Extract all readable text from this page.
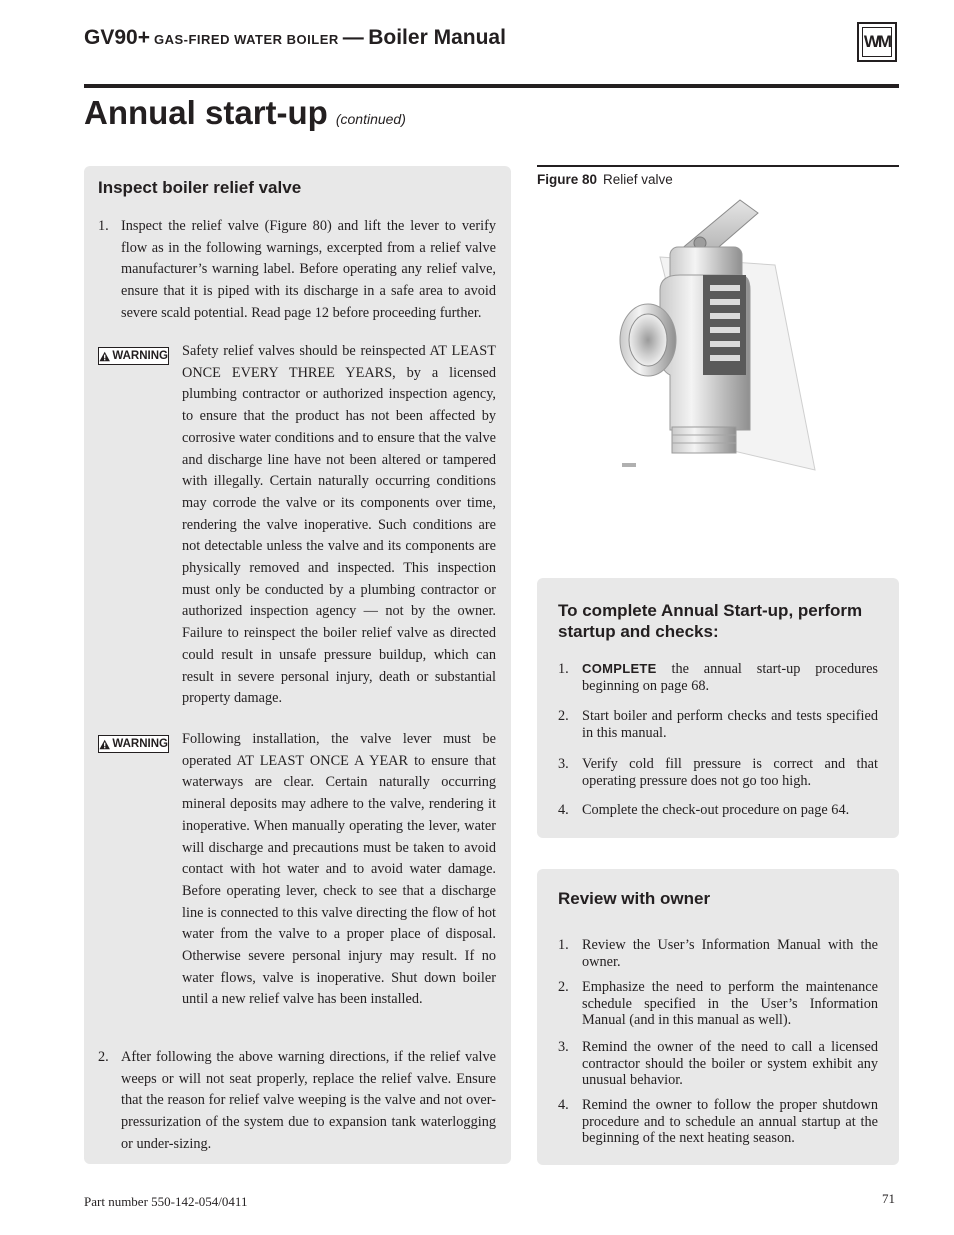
GV90+ GAS-FIRED WATER BOILER — Boiler Manual	WM
Annual start-up (continued)
Inspect boiler relief valve
1. Inspect the relief valve (Figure 80) and lift the lever to verify flow as in the following warnings, excerpted from a relief valve manufacturer’s warning label. Before operating any relief valve, ensure that it is piped with its discharge in a safe area to avoid severe scald potential. Read page 12 before proceeding further.
WARNING Safety relief valves should be reinspected AT LEAST ONCE EVERY THREE YEARS, by a licensed plumbing contractor or authorized inspection agency, to ensure that the product has not been affected by corrosive water conditions and to ensure that the valve and discharge line have not been altered or tampered with illegally. Certain naturally occurring conditions may corrode the valve or its components over time, rendering the valve inoperative. Such conditions are not detectable unless the valve and its components are physically removed and inspected. This inspection must only be conducted by a plumbing contractor or authorized inspection agency — not by the owner. Failure to reinspect the boiler relief valve as directed could result in unsafe pressure buildup, which can result in severe personal injury, death or substantial property damage.
WARNING Following installation, the valve lever must be operated AT LEAST ONCE A YEAR to ensure that waterways are clear. Certain naturally occurring mineral deposits may adhere to the valve, rendering it inoperative. When manually operating the lever, water will discharge and precautions must be taken to avoid contact with hot water and to avoid water damage. Before operating lever, check to see that a discharge line is connected to this valve directing the flow of hot water from the valve to a proper place of disposal. Otherwise severe personal injury may result. If no water flows, valve is inoperative. Shut down boiler until a new relief valve has been installed.
2. After following the above warning directions, if the relief valve weeps or will not seat properly, replace the relief valve. Ensure that the reason for relief valve weeping is the valve and not over-pressurization of the system due to expansion tank waterlogging or under-sizing.
Figure 80 Relief valve
To complete Annual Start-up, perform startup and checks:
1. COMPLETE the annual start-up procedures beginning on page 68.
2. Start boiler and perform checks and tests specified in this manual.
3. Verify cold fill pressure is correct and that operating pressure does not go too high.
4. Complete the check-out procedure on page 64.
Review with owner
1. Review the User’s Information Manual with the owner.
2. Emphasize the need to perform the maintenance schedule specified in the User’s Information Manual (and in this manual as well).
3. Remind the owner of the need to call a licensed contractor should the boiler or system exhibit any unusual behavior.
4. Remind the owner to follow the proper shutdown procedure and to schedule an annual startup at the beginning of the next heating season.
Part number 550-142-054/0411	71
